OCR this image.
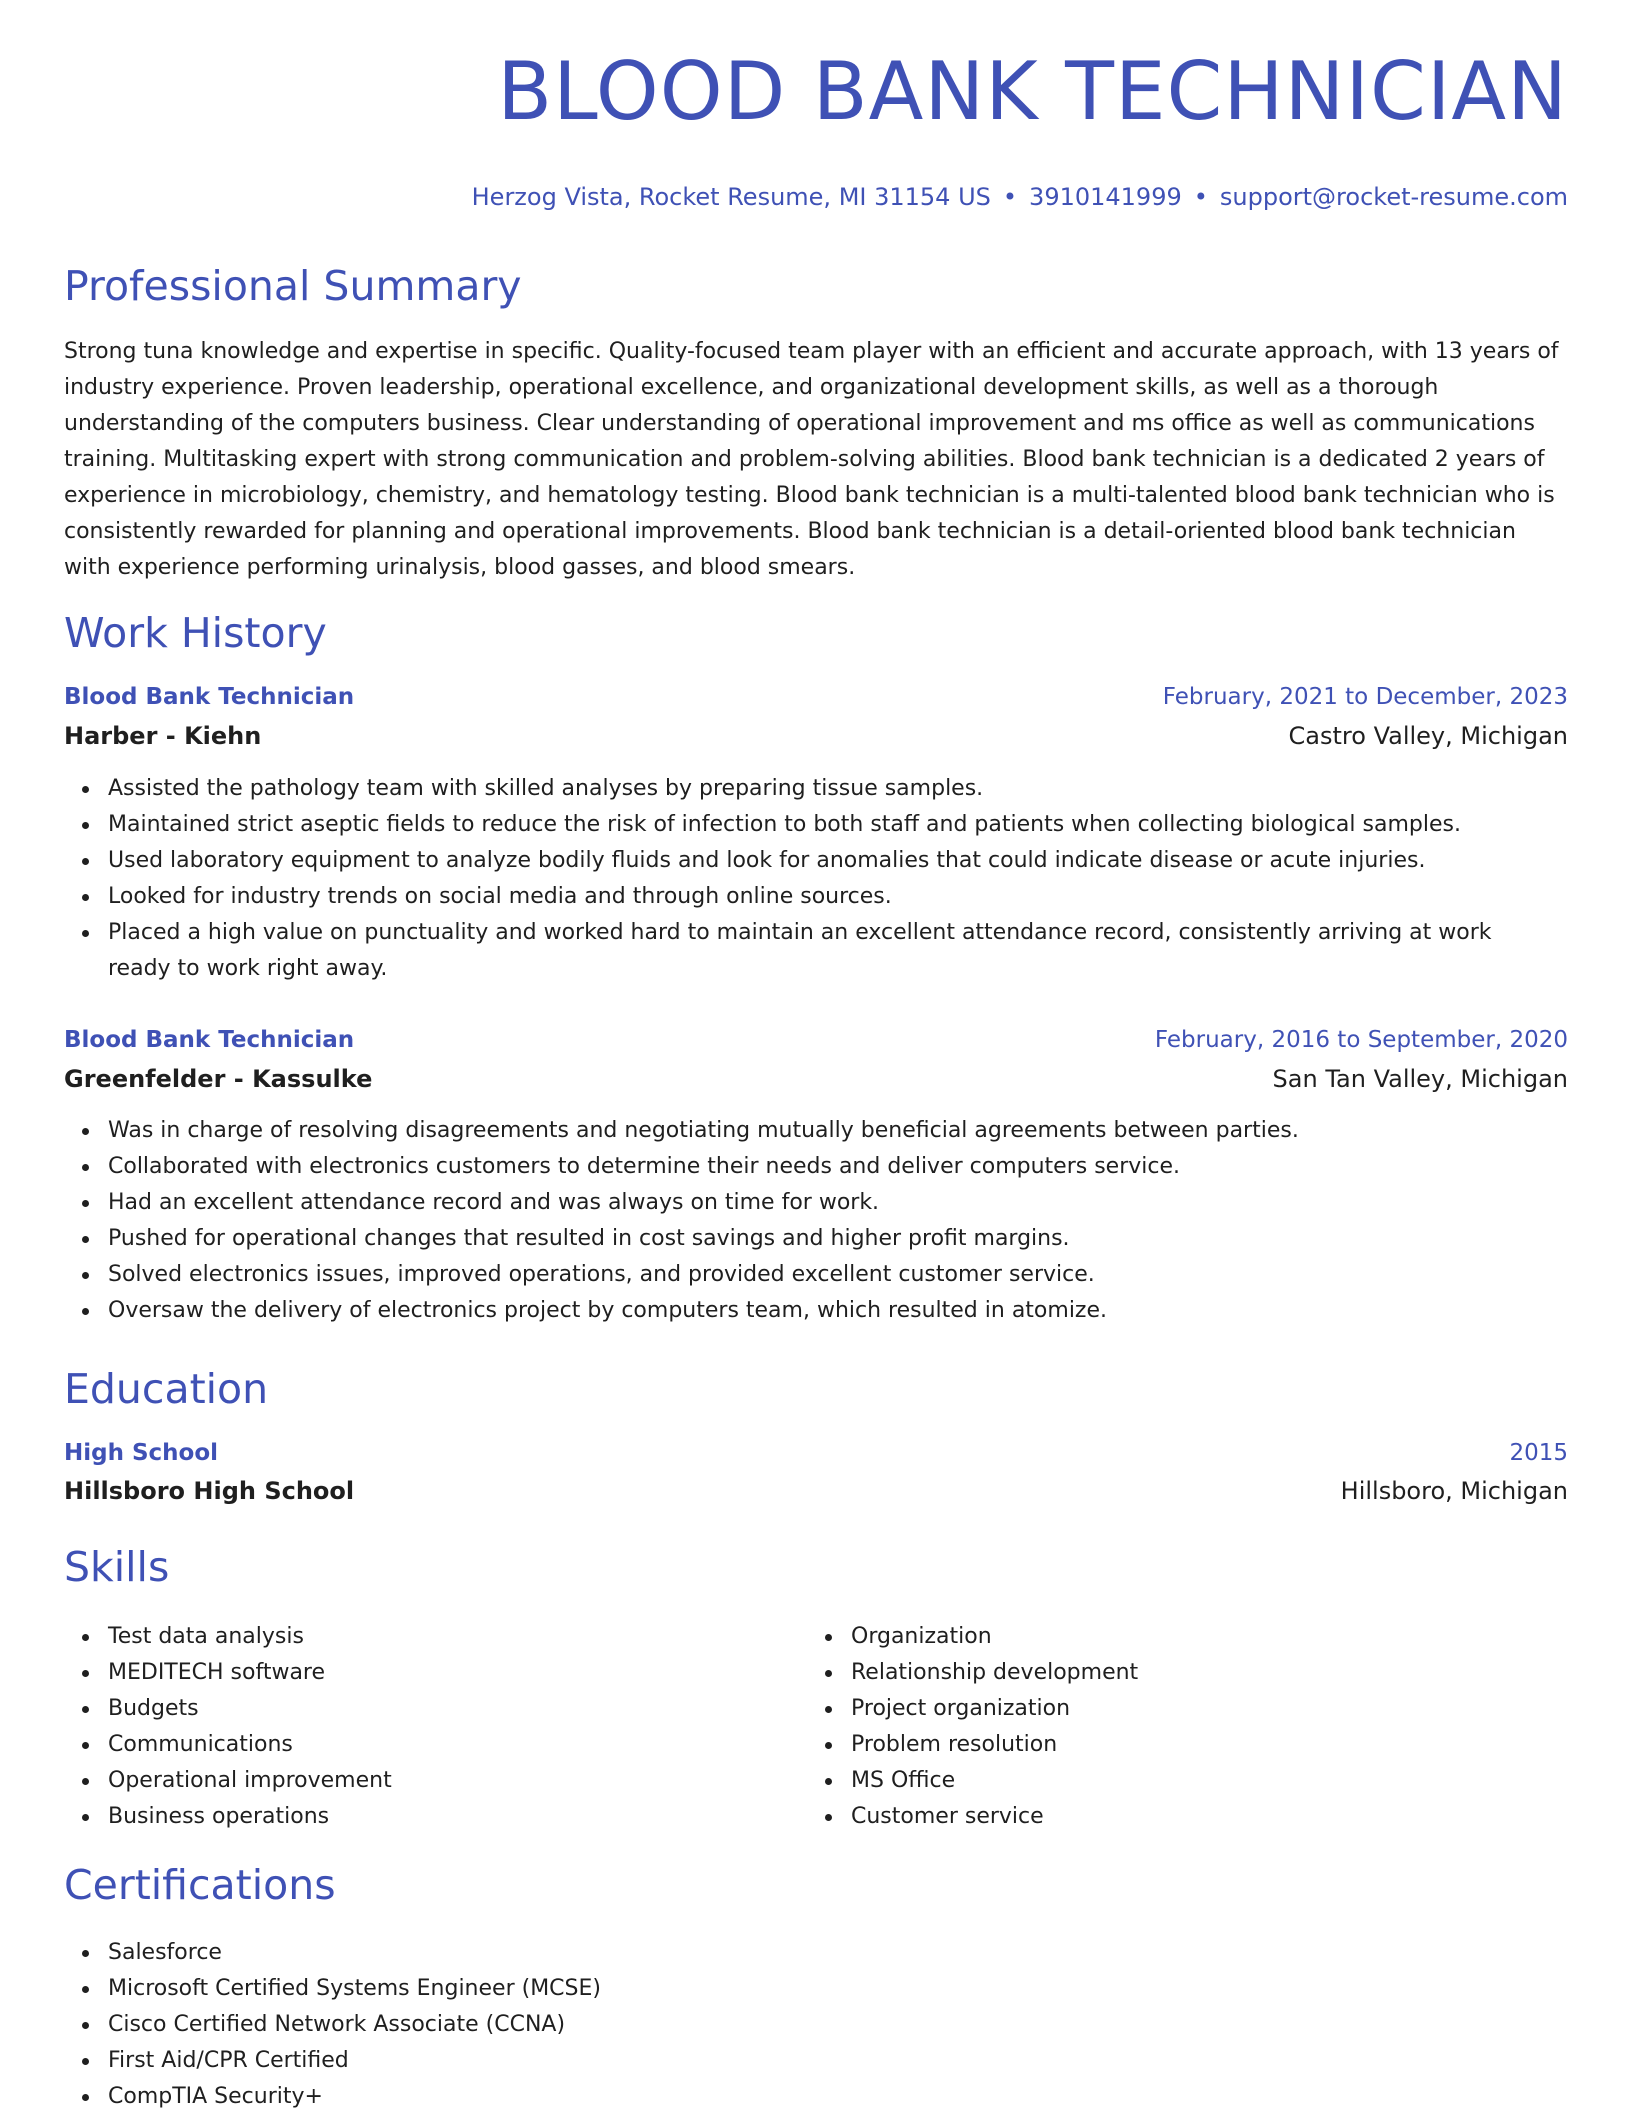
BLOOD BANK TECHNICIAN
Herzog Vista, Rocket Resume, MI 31154 US • 3910141999 • support@rocket-resume.com
Professional Summary

Strong tuna knowledge and expertise in specific. Quality-focused team player with an efficient and accurate approach, with 13 years of industry experience. Proven leadership, operational excellence, and organizational development skills, as well as a thorough understanding of the computers business. Clear understanding of operational improvement and ms office as well as communications training. Multitasking expert with strong communication and problem-solving abilities. Blood bank technician is a dedicated 2 years of experience in microbiology, chemistry, and hematology testing. Blood bank technician is a multi-talented blood bank technician who is consistently rewarded for planning and operational improvements. Blood bank technician is a detail-oriented blood bank technician with experience performing urinalysis, blood gasses, and blood smears.

Work History
Blood Bank Technician	February, 2021 to December, 2023
Harber - Kiehn	Castro Valley, Michigan
Assisted the pathology team with skilled analyses by preparing tissue samples.
Maintained strict aseptic fields to reduce the risk of infection to both staff and patients when collecting biological samples.
Used laboratory equipment to analyze bodily fluids and look for anomalies that could indicate disease or acute injuries.
Looked for industry trends on social media and through online sources.
Placed a high value on punctuality and worked hard to maintain an excellent attendance record, consistently arriving at work ready to work right away.
Blood Bank Technician	February, 2016 to September, 2020
Greenfelder - Kassulke	San Tan Valley, Michigan
Was in charge of resolving disagreements and negotiating mutually beneficial agreements between parties.
Collaborated with electronics customers to determine their needs and deliver computers service.
Had an excellent attendance record and was always on time for work.
Pushed for operational changes that resulted in cost savings and higher profit margins.
Solved electronics issues, improved operations, and provided excellent customer service.
Oversaw the delivery of electronics project by computers team, which resulted in atomize.
Education
High School	2015
Hillsboro High School	Hillsboro, Michigan
Skills
Test data analysis
MEDITECH software
Budgets
Communications
Operational improvement
Business operations
Organization
Relationship development
Project organization
Problem resolution
MS Office
Customer service
Certifications
Salesforce
Microsoft Certified Systems Engineer (MCSE)
Cisco Certified Network Associate (CCNA)
First Aid/CPR Certified
CompTIA Security+
